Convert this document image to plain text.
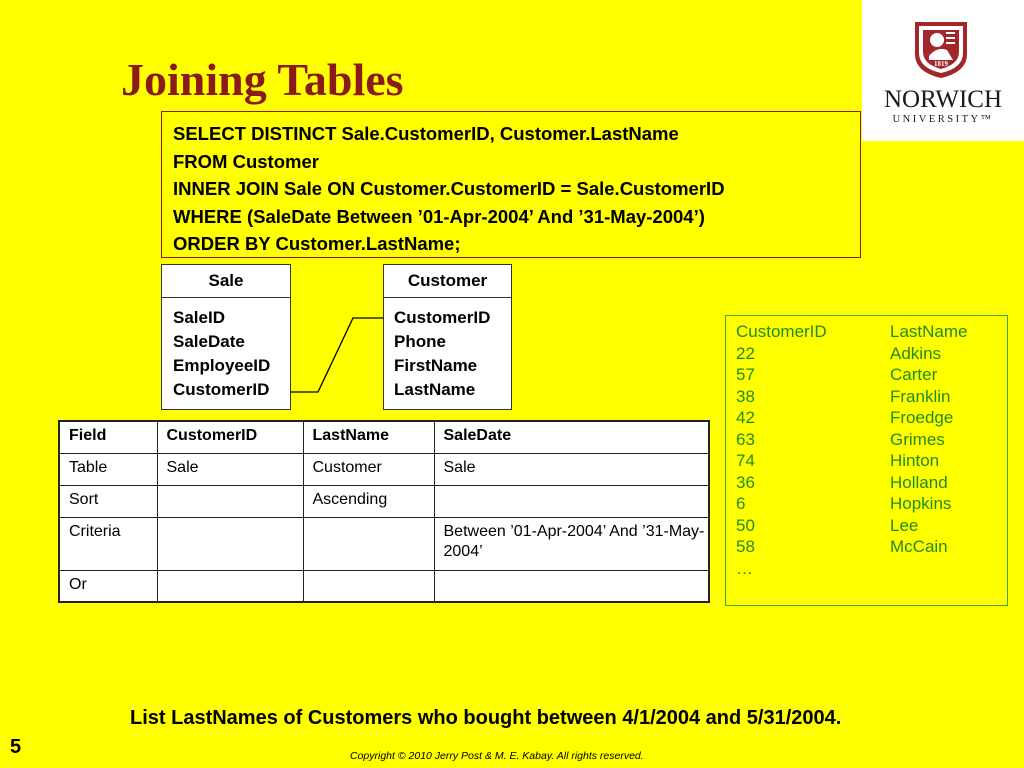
1819
NORWICH
UNIVERSITY™
Joining Tables
SELECT DISTINCT Sale.CustomerID, Customer.LastName
FROM Customer
INNER JOIN Sale ON Customer.CustomerID = Sale.CustomerID
WHERE (SaleDate Between ’01-Apr-2004’ And ’31-May-2004’)
ORDER BY Customer.LastName;
Sale
SaleID
SaleDate
EmployeeID
CustomerID
Customer
CustomerID
Phone
FirstName
LastName
Field	CustomerID	LastName	SaleDate
Table	Sale	Customer	Sale
Sort		Ascending	
Criteria			Between ’01-Apr-2004’ And ’31-May-2004’
Or			
CustomerID	LastName
22	Adkins
57	Carter
38	Franklin
42	Froedge
63	Grimes
74	Hinton
36	Holland
6	Hopkins
50	Lee
58	McCain
…
List LastNames of Customers who bought between 4/1/2004 and 5/31/2004.
5	Copyright © 2010 Jerry Post & M. E. Kabay. All rights reserved.
